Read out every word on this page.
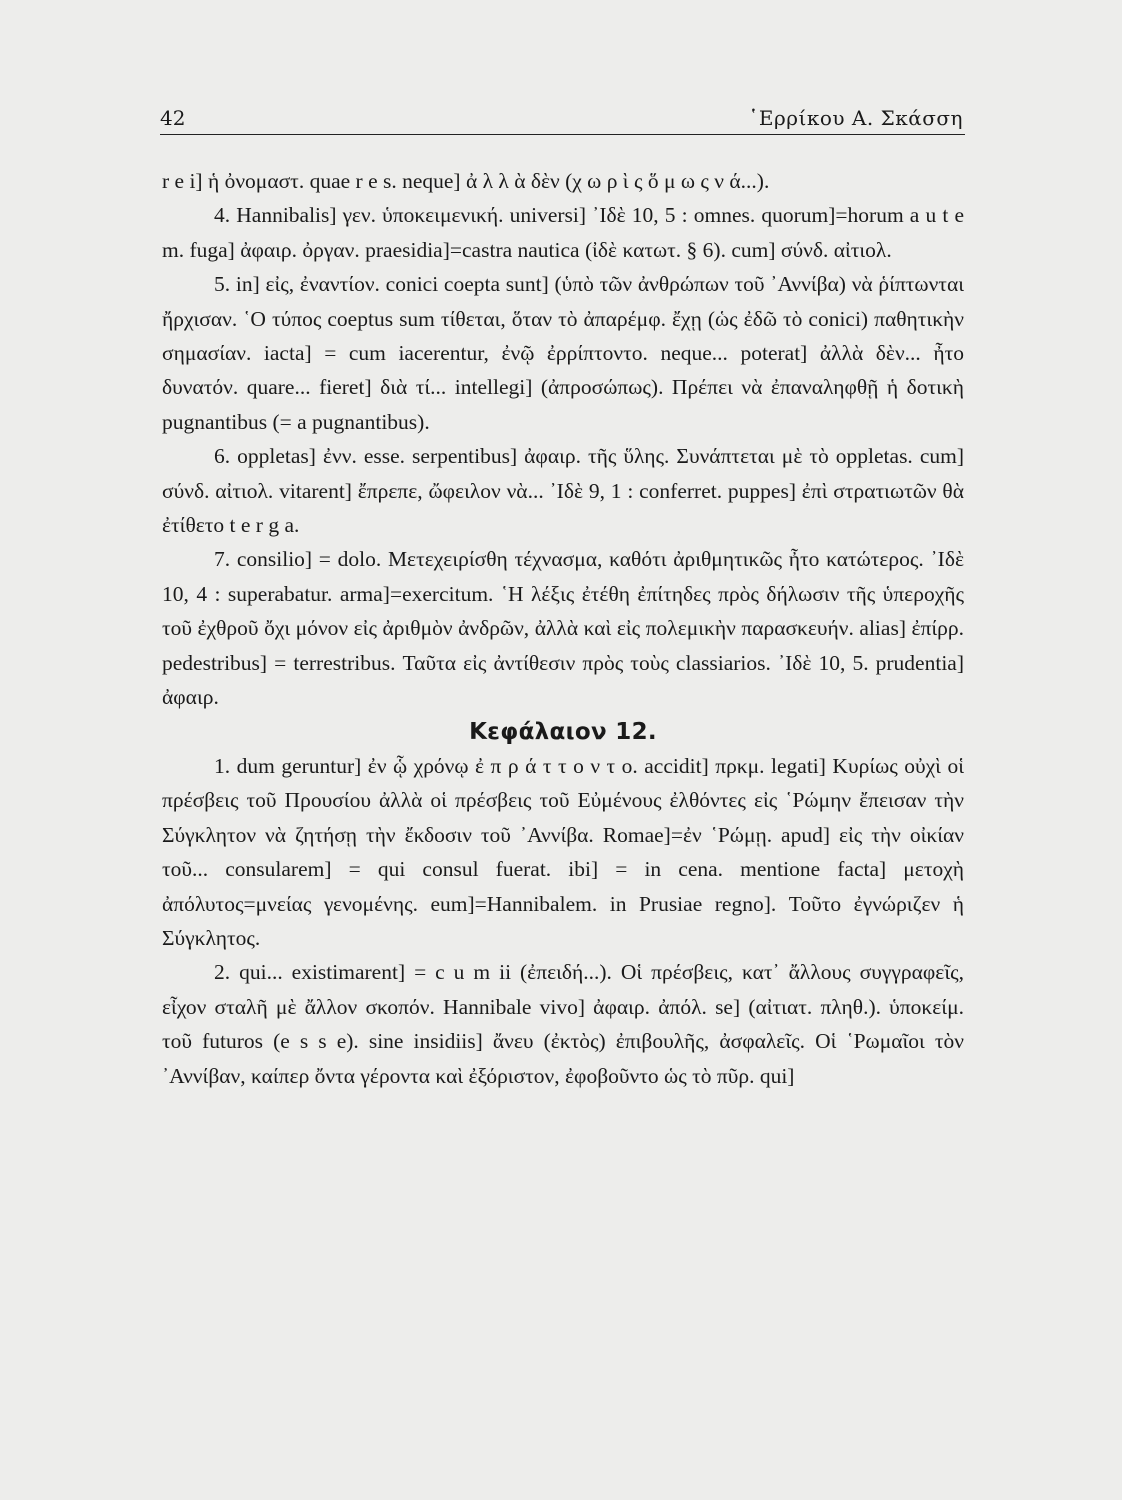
42	῾Ερρίκου Α. Σκάσση

r e i] ἡ ὀνομαστ. quae r e s. neque] ἀ λ λ ὰ δὲν (χ ω ρ ὶ ς ὅ μ ω ς ν ά...).

4. Hannibalis] γεν. ὑποκειμενική. universi] ᾽Ιδὲ 10, 5 : omnes. quorum]=horum a u t e m. fuga] ἀφαιρ. ὀργαν. praesidia]=castra nautica (ἰδὲ κατωτ. § 6). cum] σύνδ. αἰτιολ.

5. in] εἰς, ἐναντίον. conici coepta sunt] (ὑπὸ τῶν ἀνθρώπων τοῦ ᾽Αννίβα) νὰ ῥίπτωνται ἤρχισαν. ῾Ο τύπος coeptus sum τίθεται, ὅταν τὸ ἀπαρέμφ. ἔχῃ (ὡς ἐδῶ τὸ conici) παθητικὴν σημασίαν. iacta] = cum iacerentur, ἐνῷ ἐρρίπτοντο. neque... poterat] ἀλλὰ δὲν... ἦτο δυνατόν. quare... fieret] διὰ τί... intellegi] (ἀπροσώπως). Πρέπει νὰ ἐπαναληφθῇ ἡ δοτικὴ pugnantibus (= a pugnantibus).

6. oppletas] ἐνν. esse. serpentibus] ἀφαιρ. τῆς ὕλης. Συνάπτεται μὲ τὸ oppletas. cum] σύνδ. αἰτιολ. vitarent] ἔπρεπε, ὤφειλον νὰ... ᾽Ιδὲ 9, 1 : conferret. puppes] ἐπὶ στρατιωτῶν θὰ ἐτίθετο t e r g a.

7. consilio] = dolo. Μετεχειρίσθη τέχνασμα, καθότι ἀριθμητικῶς ἦτο κατώτερος. ᾽Ιδὲ 10, 4 : superabatur. arma]=exercitum. ῾Η λέξις ἐτέθη ἐπίτηδες πρὸς δήλωσιν τῆς ὑπεροχῆς τοῦ ἐχθροῦ ὄχι μόνον εἰς ἀριθμὸν ἀνδρῶν, ἀλλὰ καὶ εἰς πολεμικὴν παρασκευήν. alias] ἐπίρρ. pedestribus] = terrestribus. Ταῦτα εἰς ἀντίθεσιν πρὸς τοὺς classiarios. ᾽Ιδὲ 10, 5. prudentia] ἀφαιρ.

Κεφάλαιον 12.

1. dum geruntur] ἐν ᾧ χρόνῳ ἐ π ρ ά τ τ ο ν τ ο. accidit] πρκμ. legati] Κυρίως οὐχὶ οἱ πρέσβεις τοῦ Προυσίου ἀλλὰ οἱ πρέσβεις τοῦ Εὐμένους ἐλθόντες εἰς ῾Ρώμην ἔπεισαν τὴν Σύγκλητον νὰ ζητήσῃ τὴν ἔκδοσιν τοῦ ᾽Αννίβα. Romae]=ἐν ῾Ρώμῃ. apud] εἰς τὴν οἰκίαν τοῦ... consularem] = qui consul fuerat. ibi] = in cena. mentione facta] μετοχὴ ἀπόλυτος=μνείας γενομένης. eum]=Hannibalem. in Prusiae regno]. Τοῦτο ἐγνώριζεν ἡ Σύγκλητος.

2. qui... existimarent] = c u m ii (ἐπειδή...). Οἱ πρέσβεις, κατ᾽ ἄλλους συγγραφεῖς, εἶχον σταλῆ μὲ ἄλλον σκοπόν. Hannibale vivo] ἀφαιρ. ἀπόλ. se] (αἰτιατ. πληθ.). ὑποκείμ. τοῦ futuros (e s s e). sine insidiis] ἄνευ (ἐκτὸς) ἐπιβουλῆς, ἀσφαλεῖς. Οἱ ῾Ρωμαῖοι τὸν ᾽Αννίβαν, καίπερ ὄντα γέροντα καὶ ἐξόριστον, ἐφοβοῦντο ὡς τὸ πῦρ. qui]
